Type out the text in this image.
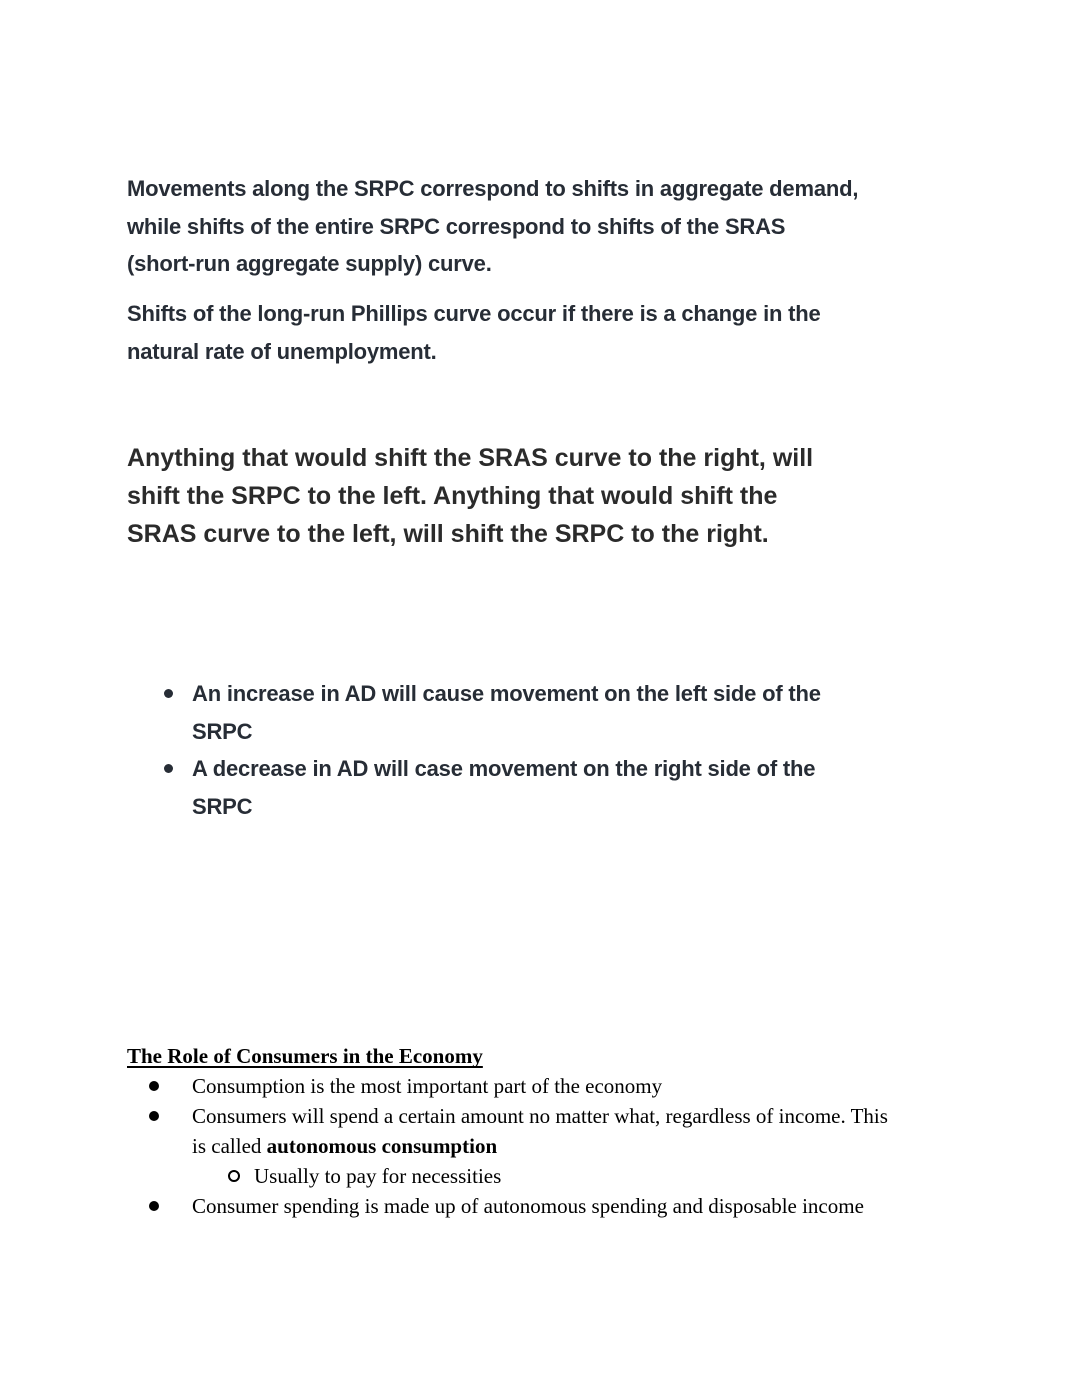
Movements along the SRPC correspond to shifts in aggregate demand,
while shifts of the entire SRPC correspond to shifts of the SRAS
(short-run aggregate supply) curve.
Shifts of the long-run Phillips curve occur if there is a change in the
natural rate of unemployment.
Anything that would shift the SRAS curve to the right, will
shift the SRPC to the left. Anything that would shift the
SRAS curve to the left, will shift the SRPC to the right.
An increase in AD will cause movement on the left side of the
SRPC
A decrease in AD will case movement on the right side of the
SRPC
The Role of Consumers in the Economy
Consumption is the most important part of the economy
Consumers will spend a certain amount no matter what, regardless of income. This
is called autonomous consumption
Usually to pay for necessities
Consumer spending is made up of autonomous spending and disposable income
